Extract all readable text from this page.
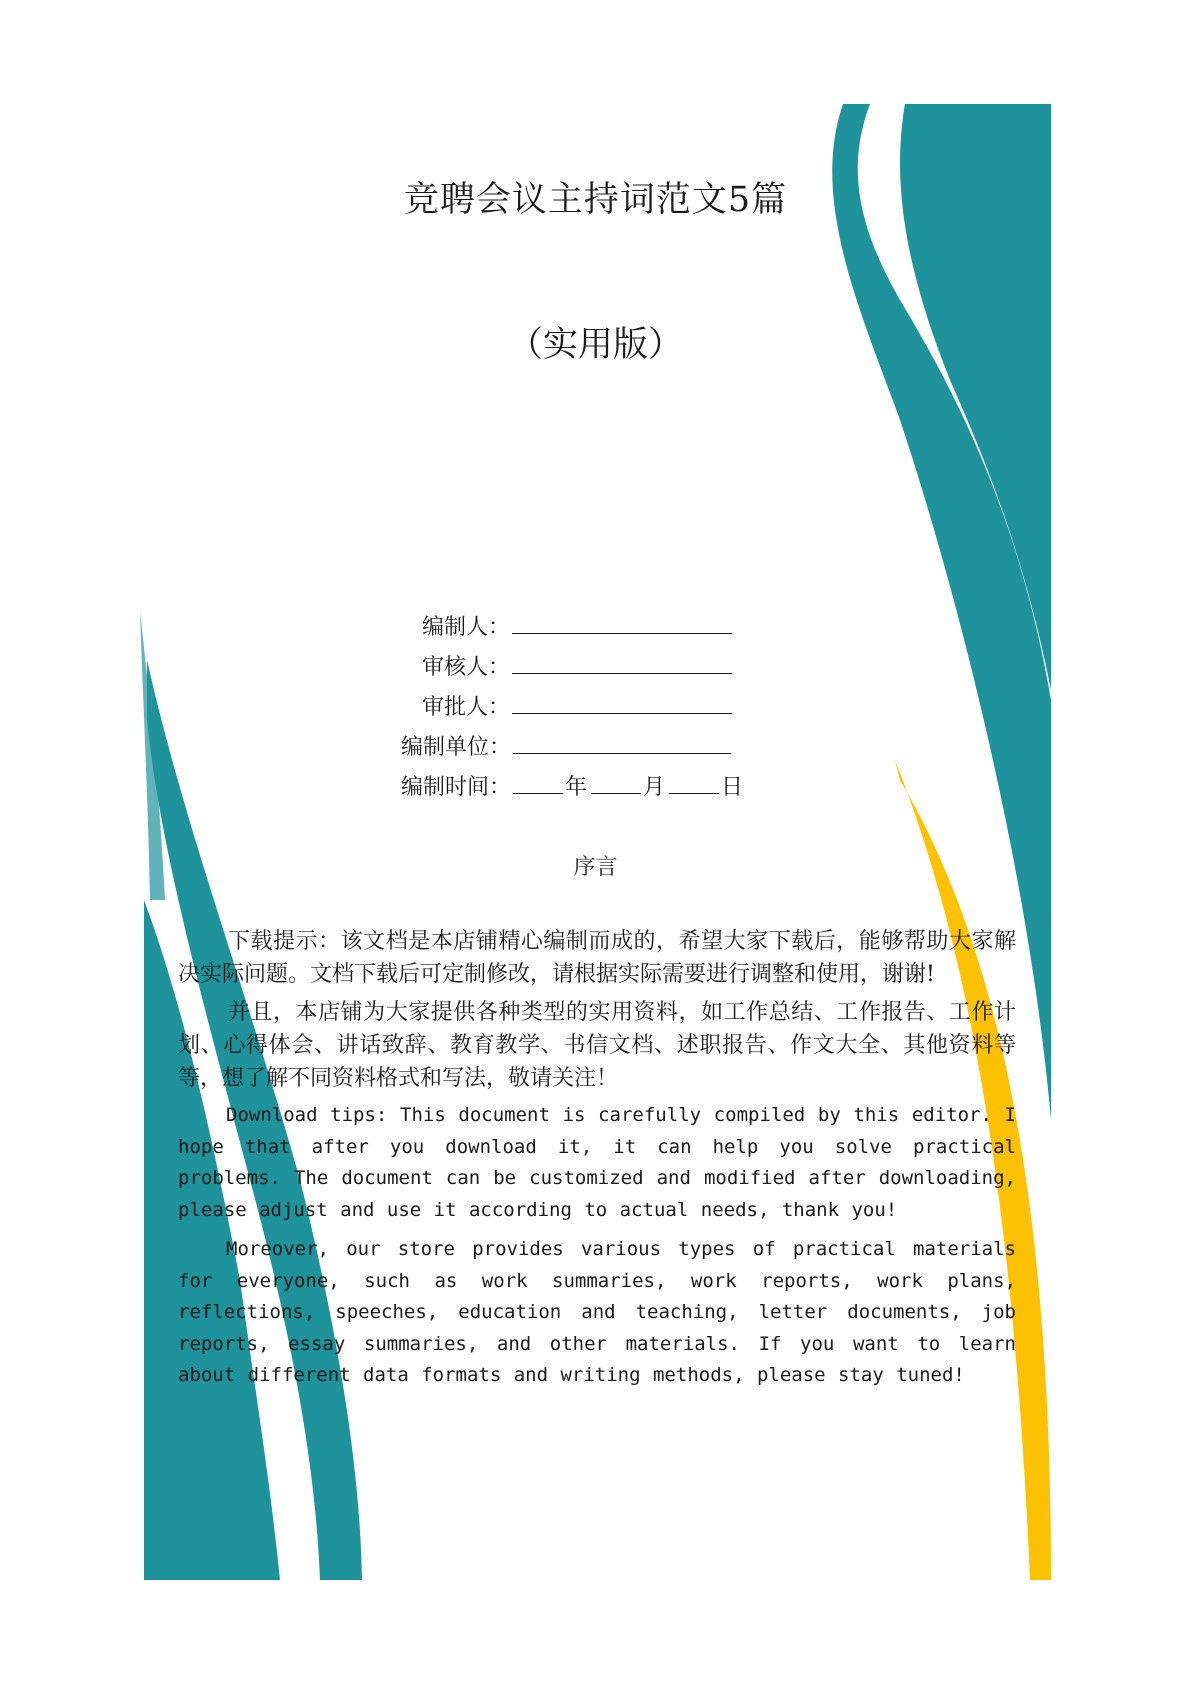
竞聘会议主持词范文5篇
（实用版）
编制人：
审核人：
审批人：
编制单位：
编制时间： 年	月	日
序言

下载提示：该文档是本店铺精心编制而成的，希望大家下载后，能够帮助大家解决实际问题。文档下载后可定制修改，请根据实际需要进行调整和使用，谢谢!

并且，本店铺为大家提供各种类型的实用资料，如工作总结、工作报告、工作计划、心得体会、讲话致辞、教育教学、书信文档、述职报告、作文大全、其他资料等等，想了解不同资料格式和写法，敬请关注！

Download tips: This document is carefully compiled by this editor. I hope that after you download it, it can help you solve practical problems. The document can be customized and modified after downloading, please adjust and use it according to actual needs, thank you!

Moreover, our store provides various types of practical materials for everyone, such as work summaries, work reports, work plans, reflections, speeches, education and teaching, letter documents, job reports, essay summaries, and other materials. If you want to learn about different data formats and writing methods, please stay tuned!
